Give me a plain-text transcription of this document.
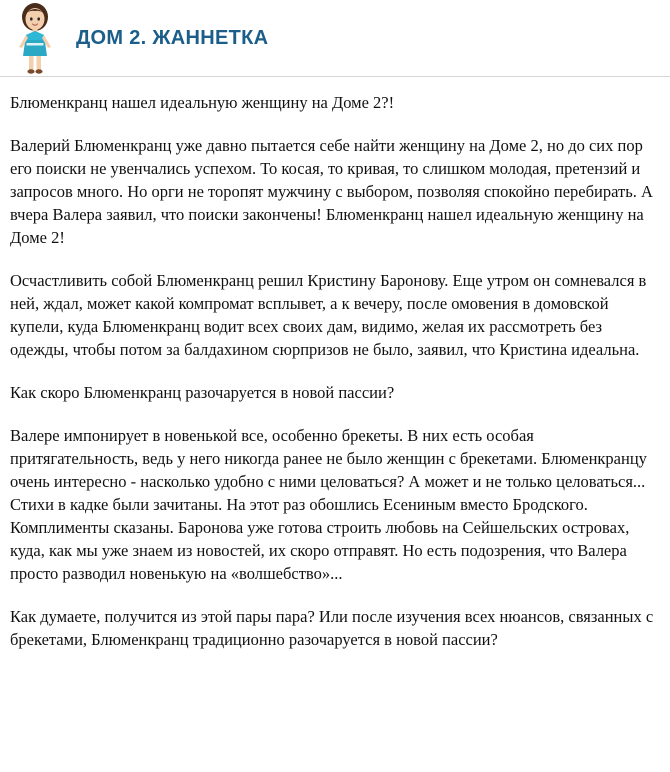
ДОМ 2. ЖАННЕТКА

Блюменкранц нашел идеальную женщину на Доме 2?!

Валерий Блюменкранц уже давно пытается себе найти женщину на Доме 2, но до сих пор его поиски не увенчались успехом. То косая, то кривая, то слишком молодая, претензий и запросов много. Но орги не торопят мужчину с выбором, позволяя спокойно перебирать. А вчера Валера заявил, что поиски закончены! Блюменкранц нашел идеальную женщину на Доме 2!

Осчастливить собой Блюменкранц решил Кристину Баронову. Еще утром он сомневался в ней, ждал, может какой компромат всплывет, а к вечеру, после омовения в домовской купели, куда Блюменкранц водит всех своих дам, видимо, желая их рассмотреть без одежды, чтобы потом за балдахином сюрпризов не было, заявил, что Кристина идеальна.

Как скоро Блюменкранц разочаруется в новой пассии?

Валере импонирует в новенькой все, особенно брекеты. В них есть особая притягательность, ведь у него никогда ранее не было женщин с брекетами. Блюменкранцу очень интересно - насколько удобно с ними целоваться? А может и не только целоваться... Стихи в кадке были зачитаны. На этот раз обошлись Есениным вместо Бродского. Комплименты сказаны. Баронова уже готова строить любовь на Сейшельских островах, куда, как мы уже знаем из новостей, их скоро отправят. Но есть подозрения, что Валера просто разводил новенькую на «волшебство»...

Как думаете, получится из этой пары пара? Или после изучения всех нюансов, связанных с брекетами, Блюменкранц традиционно разочаруется в новой пассии?
